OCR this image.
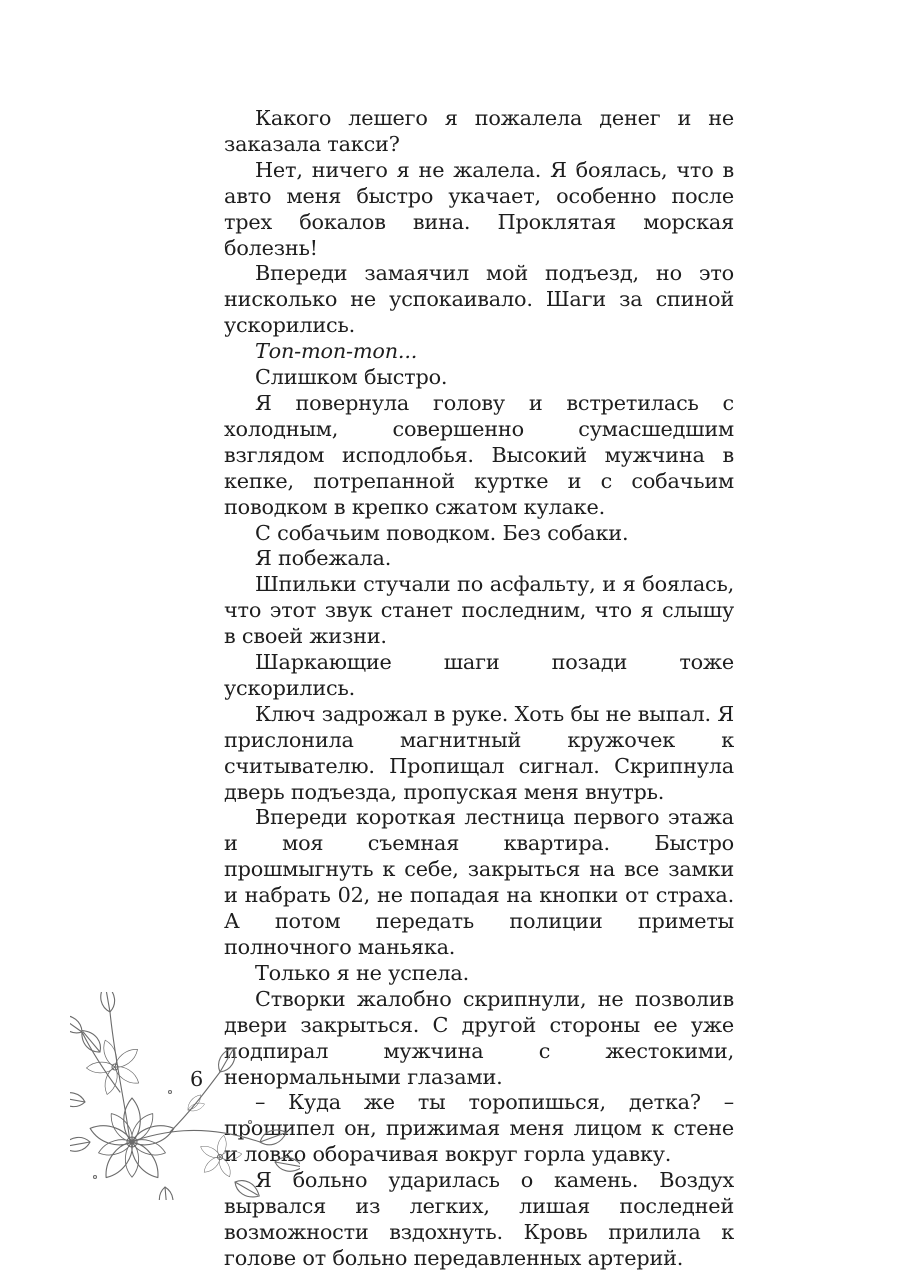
Какого лешего я пожалела денег и не заказала такси?

Нет, ничего я не жалела. Я боялась, что в авто меня быстро укачает, особенно после трех бокалов вина. Проклятая морская болезнь!

Впереди замаячил мой подъезд, но это нисколько не успокаивало. Шаги за спиной ускорились.

Топ-топ-топ...

Слишком быстро.

Я повернула голову и встретилась с холодным, совершенно сумасшедшим взглядом исподлобья. Высокий мужчина в кепке, потрепанной куртке и с собачьим поводком в крепко сжатом кулаке.

С собачьим поводком. Без собаки.

Я побежала.

Шпильки стучали по асфальту, и я боялась, что этот звук станет последним, что я слышу в своей жизни.

Шаркающие шаги позади тоже ускорились.

Ключ задрожал в руке. Хоть бы не выпал. Я прислонила магнитный кружочек к считывателю. Пропищал сигнал. Скрипнула дверь подъезда, пропуская меня внутрь.

Впереди короткая лестница первого этажа и моя съемная квартира. Быстро прошмыгнуть к себе, закрыться на все замки и набрать 02, не попадая на кнопки от страха. А потом передать полиции приметы полночного маньяка.

Только я не успела.

Створки жалобно скрипнули, не позволив двери закрыться. С другой стороны ее уже подпирал мужчина с жестокими, ненормальными глазами.

– Куда же ты торопишься, детка? – прошипел он, прижимая меня лицом к стене и ловко оборачивая вокруг горла удавку.

Я больно ударилась о камень. Воздух вырвался из легких, лишая последней возможности вздохнуть. Кровь прилила к голове от больно передавленных артерий.

6
